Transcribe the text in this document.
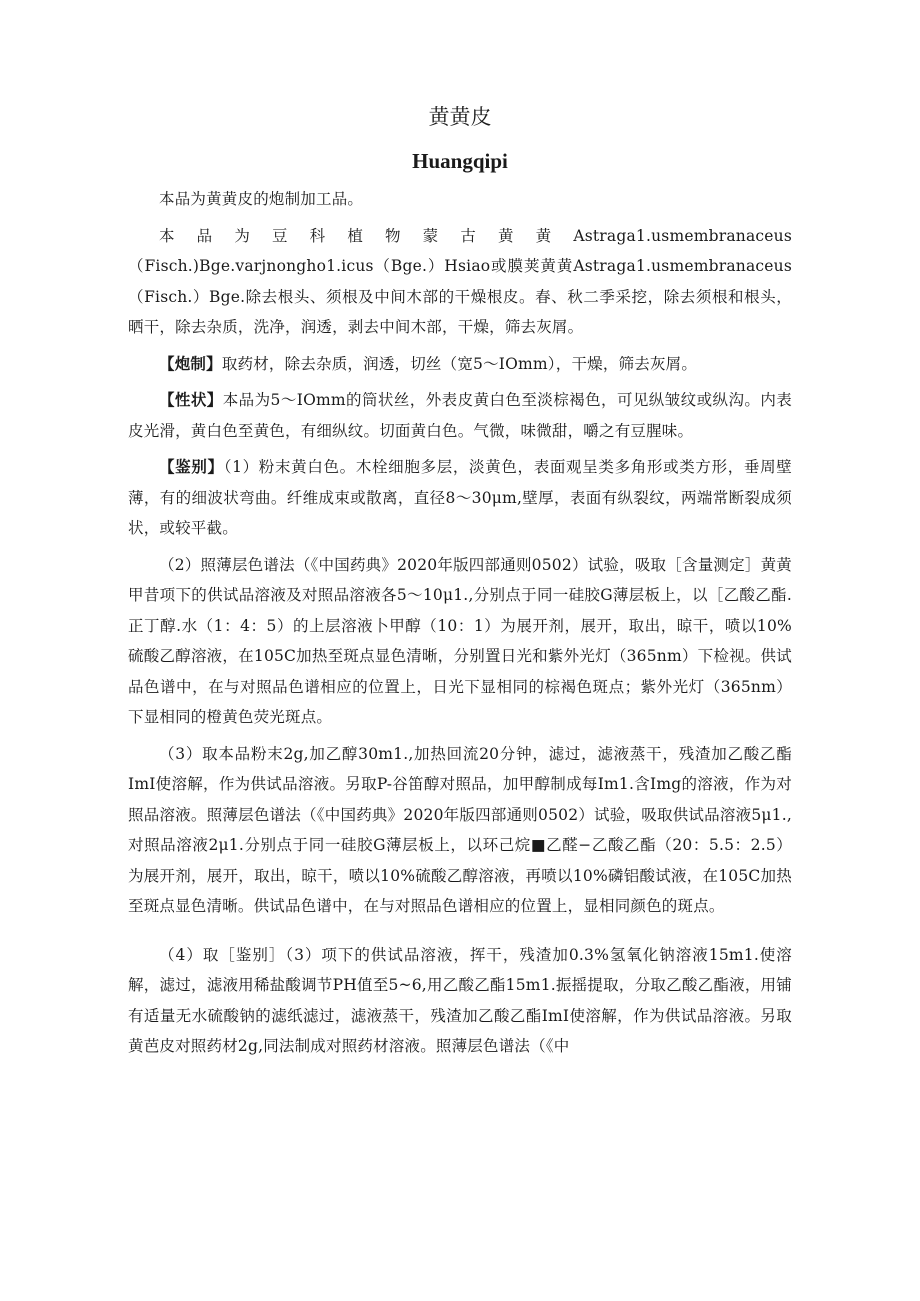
黄黄皮
Huangqipi

本品为黄黄皮的炮制加工品。

本品为豆科植物蒙古黄黄Astraga1.usmembranaceus（Fisch.)Bge.varjnongho1.icus（Bge.）Hsiao或膜荚黄黄Astraga1.usmembranaceus（Fisch.）Bge.除去根头、须根及中间木部的干燥根皮。春、秋二季采挖，除去须根和根头，晒干，除去杂质，洗净，润透，剥去中间木部，干燥，筛去灰屑。

【炮制】取药材，除去杂质，润透，切丝（宽5～IOmm），干燥，筛去灰屑。

【性状】本品为5～IOmm的筒状丝，外表皮黄白色至淡棕褐色，可见纵皱纹或纵沟。内表皮光滑，黄白色至黄色，有细纵纹。切面黄白色。气微，味微甜，嚼之有豆腥味。

【鉴别】（1）粉末黄白色。木栓细胞多层，淡黄色，表面观呈类多角形或类方形，垂周壁薄，有的细波状弯曲。纤维成束或散离，直径8～30μm,壁厚，表面有纵裂纹，两端常断裂成须状，或较平截。

（2）照薄层色谱法（《中国药典》2020年版四部通则0502）试验，吸取［含量测定］黄黄甲昔项下的供试品溶液及对照品溶液各5～10μ1.,分别点于同一硅胶G薄层板上，以［乙酸乙酯.正丁醇.水（1：4：5）的上层溶液卜甲醇（10：1）为展开剂，展开，取出，晾干，喷以10%硫酸乙醇溶液，在105C加热至斑点显色清晰，分别置日光和紫外光灯（365nm）下检视。供试品色谱中，在与对照品色谱相应的位置上，日光下显相同的棕褐色斑点；紫外光灯（365nm）下显相同的橙黄色荧光斑点。

（3）取本品粉末2g,加乙醇30m1.,加热回流20分钟，滤过，滤液蒸干，残渣加乙酸乙酯ImI使溶解，作为供试品溶液。另取P-谷笛醇对照品，加甲醇制成每Im1.含Img的溶液，作为对照品溶液。照薄层色谱法（《中国药典》2020年版四部通则0502）试验，吸取供试品溶液5μ1.,对照品溶液2μ1.分别点于同一硅胶G薄层板上，以环己烷■乙醛−乙酸乙酯（20：5.5：2.5）为展开剂，展开，取出，晾干，喷以10%硫酸乙醇溶液，再喷以10%磷铝酸试液，在105C加热至斑点显色清晰。供试品色谱中，在与对照品色谱相应的位置上，显相同颜色的斑点。

（4）取［鉴别］（3）项下的供试品溶液，挥干，残渣加0.3%氢氧化钠溶液15m1.使溶解，滤过，滤液用稀盐酸调节PH值至5~6,用乙酸乙酯15m1.振摇提取，分取乙酸乙酯液，用铺有适量无水硫酸钠的滤纸滤过，滤液蒸干，残渣加乙酸乙酯ImI使溶解，作为供试品溶液。另取黄芭皮对照药材2g,同法制成对照药材溶液。照薄层色谱法（《中
